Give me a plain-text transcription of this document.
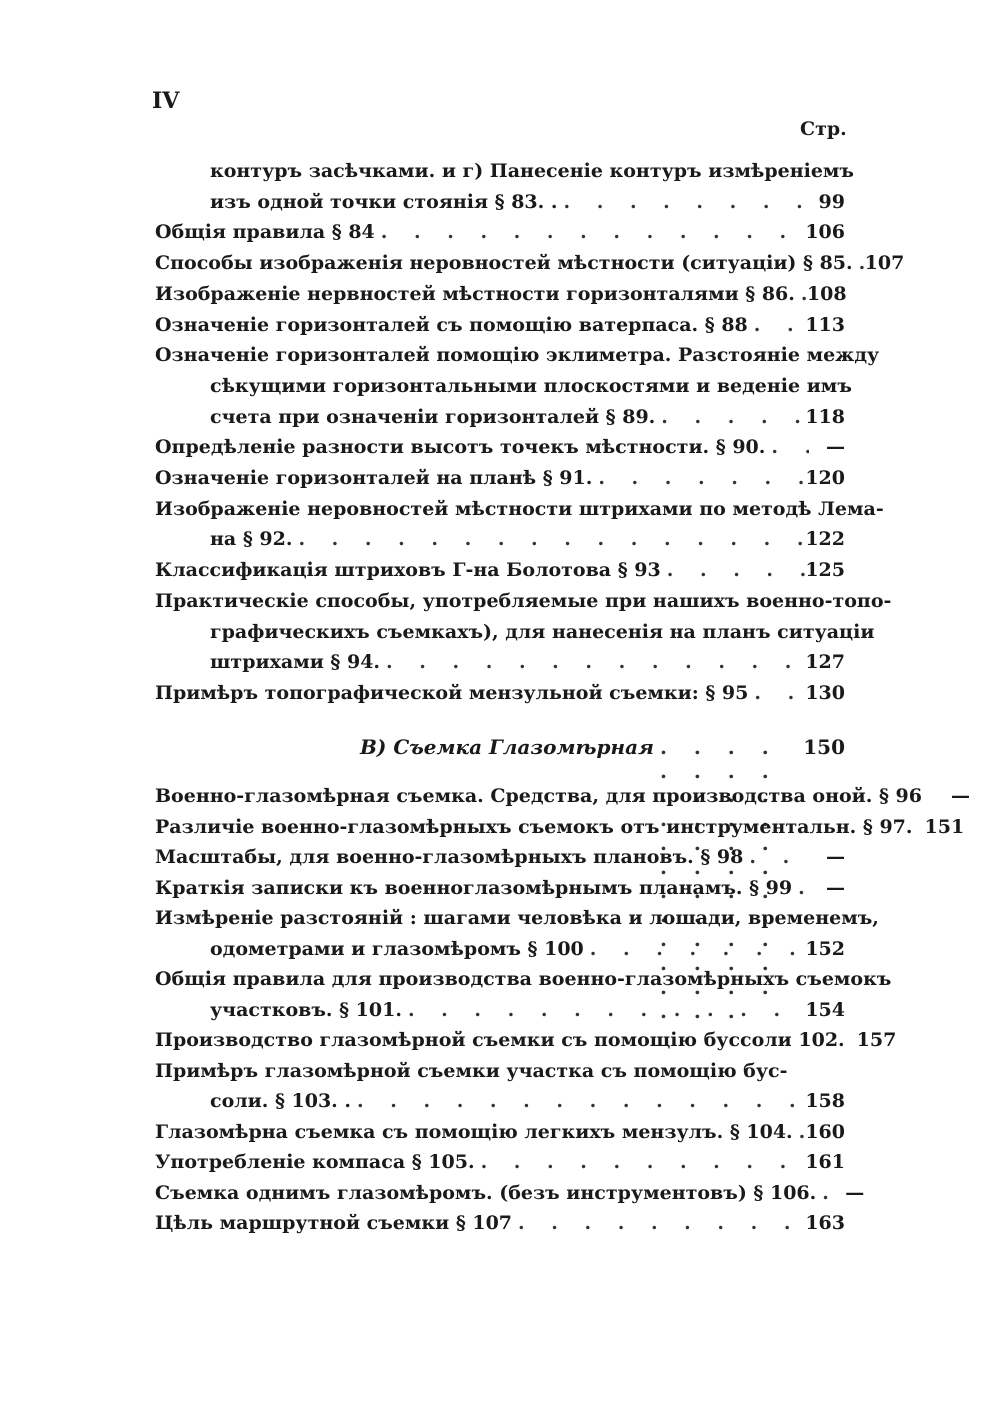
IV
Стр.
контуръ засѣчками. и г) Панесеніе контуръ измѣреніемъ
изъ одной точки стоянія § 83. . . . .	99
Общія правила § 84 . . .	106
Способы изображенія неровностей мѣстности (ситуаціи) § 85. . . . 107
Изображеніе нервностей мѣстности горизонталями § 86. . . . 108
Означеніе горизонталей съ помощію ватерпаса. § 88 . . .	113
Означеніе горизонталей помощію эклиметра. Разстояніе между
сѣкущими горизонтальными плоскостями и веденіе имъ
счета при означеніи горизонталей § 89. . . .	118
Опредѣленіе разности высотъ точекъ мѣстности. § 90. . . .	—
Означеніе горизонталей на планѣ § 91. . . .	120
Изображеніе неровностей мѣстности штрихами по методѣ Лема-
на § 92. . . .	122
Классификація штриховъ Г-на Болотова § 93 . . .	125
Практическіе способы, употребляемые при нашихъ военно-топо-
графическихъ съемкахъ), для нанесенія на планъ ситуаціи
штрихами § 94. . . .	127
Примѣръ топографической мензульной съемки: § 95 . . .	130
В) Съемка Глазомѣрная . . .	150
Военно-глазомѣрная съемка. Средства, для производства оной. § 96	—
Различіе военно-глазомѣрныхъ съемокъ отъ инструментальн. § 97. 151
Масштабы, для военно-глазомѣрныхъ плановъ. § 98 . . .	—
Краткія записки къ военноглазомѣрнымъ планамъ. § 99 . . .	—
Измѣреніе разстояній : шагами человѣка и лошади, временемъ,
одометрами и глазомѣромъ § 100 . . .	152
Общія правила для производства военно-глазомѣрныхъ съемокъ
участковъ. § 101. . . .	154
Производство глазомѣрной съемки съ помощію буссоли 102. 157
Примѣръ глазомѣрной съемки участка съ помощію бус-
соли. § 103. . . . .	158
Глазомѣрна съемка съ помощію легкихъ мензулъ. § 104. . . . 160
Употребленіе компаса § 105. . . .	161
Съемка однимъ глазомѣромъ. (безъ инструментовъ) § 106. . . .	—
Цѣль маршрутной съемки § 107 . . .	163
